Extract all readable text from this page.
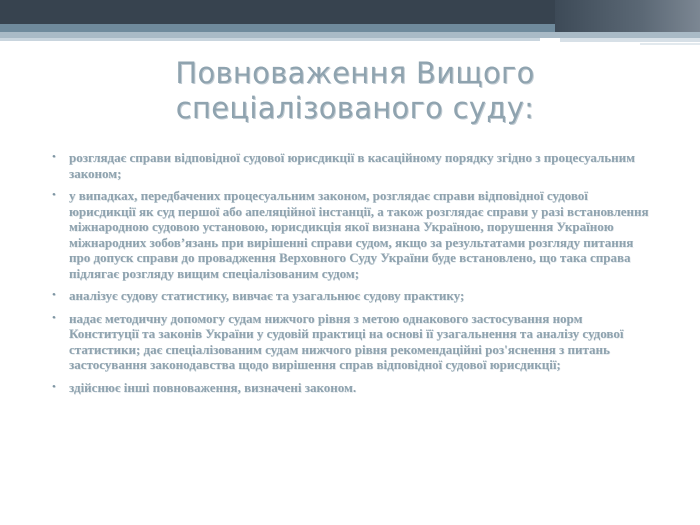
Повноваження Вищого
спеціалізованого суду:
• розглядає справи відповідної судової юрисдикції в касаційному порядку згідно з процесуальним законом;
• у випадках, передбачених процесуальним законом, розглядає справи відповідної судової юрисдикції як суд першої або апеляційної інстанції, а також розглядає справи у разі встановлення міжнародною судовою установою, юрисдикція якої визнана Україною, порушення Україною міжнародних зобов’язань при вирішенні справи судом, якщо за результатами розгляду питання про допуск справи до провадження Верховного Суду України буде встановлено, що така справа підлягає розгляду вищим спеціалізованим судом;
• аналізує судову статистику, вивчає та узагальнює судову практику;
• надає методичну допомогу судам нижчого рівня з метою однакового застосування норм Конституції та законів України у судовій практиці на основі її узагальнення та аналізу судової статистики; дає спеціалізованим судам нижчого рівня рекомендаційні роз'яснення з питань застосування законодавства щодо вирішення справ відповідної судової юрисдикції;
• здійснює інші повноваження, визначені законом.
